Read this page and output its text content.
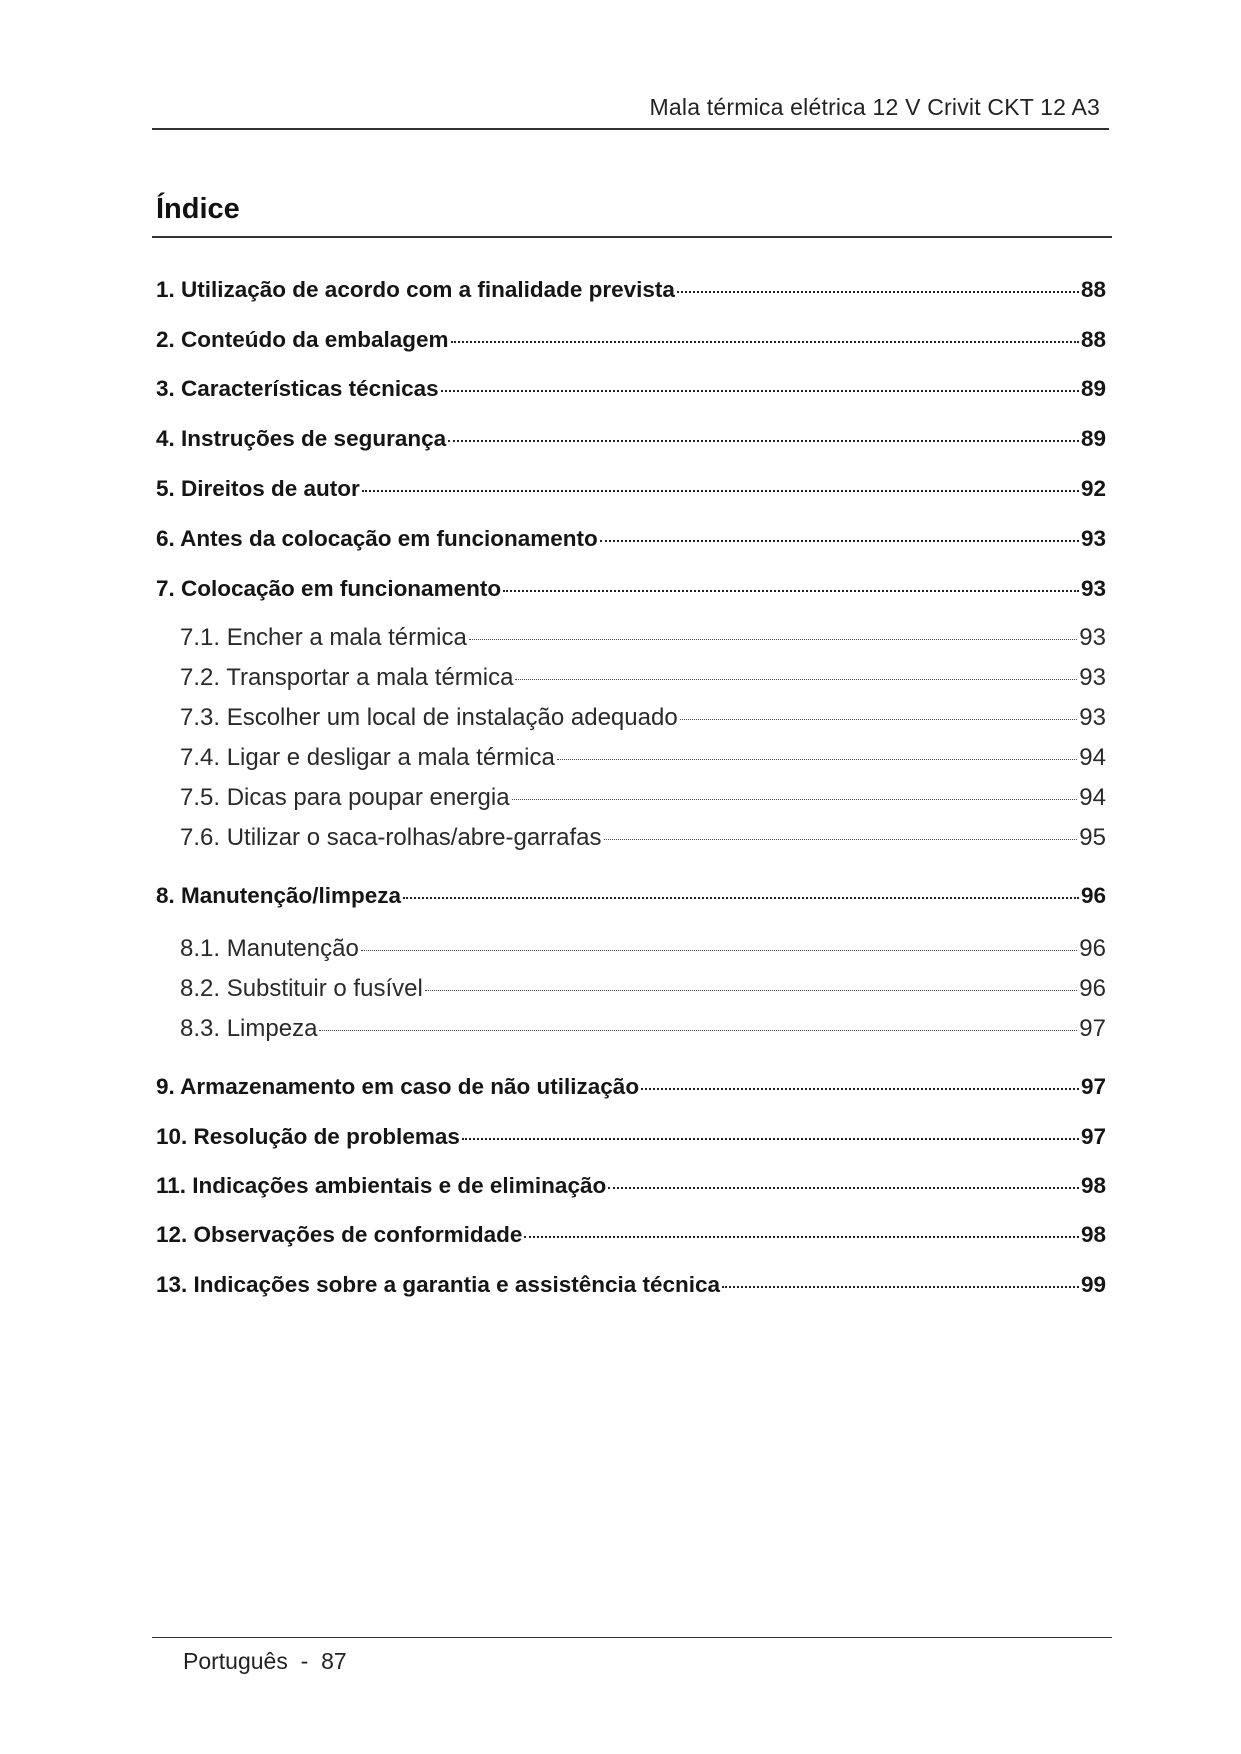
Mala térmica elétrica 12 V Crivit CKT 12 A3
Índice
1. Utilização de acordo com a finalidade prevista	88
2. Conteúdo da embalagem	88
3. Características técnicas	89
4. Instruções de segurança	89
5. Direitos de autor	92
6. Antes da colocação em funcionamento	93
7. Colocação em funcionamento	93
7.1. Encher a mala térmica	93
7.2. Transportar a mala térmica	93
7.3. Escolher um local de instalação adequado	93
7.4. Ligar e desligar a mala térmica	94
7.5. Dicas para poupar energia	94
7.6. Utilizar o saca-rolhas/abre-garrafas	95
8. Manutenção/limpeza	96
8.1. Manutenção	96
8.2. Substituir o fusível	96
8.3. Limpeza	97
9. Armazenamento em caso de não utilização	97
10. Resolução de problemas	97
11. Indicações ambientais e de eliminação	98
12. Observações de conformidade	98
13. Indicações sobre a garantia e assistência técnica	99
Português  -  87
